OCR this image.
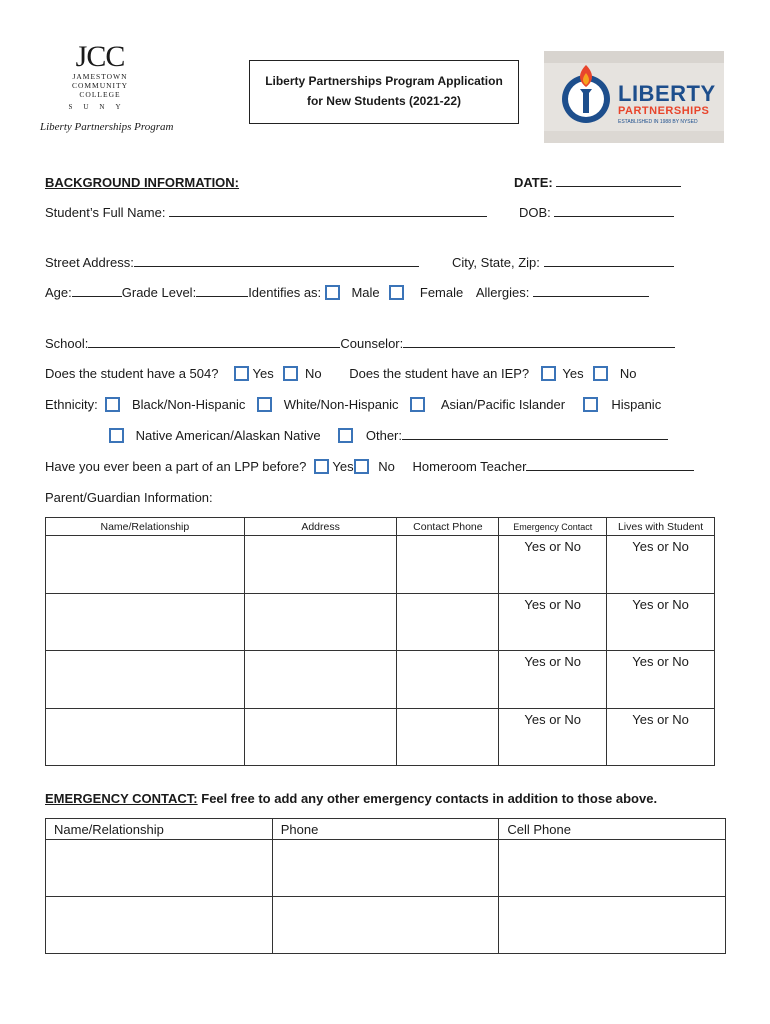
JCC
JAMESTOWN
COMMUNITY
COLLEGE
SUNY
Liberty Partnerships Program
Liberty Partnerships Program Application
for New Students (2021-22)	LIBERTY
PARTNERSHIPS
ESTABLISHED IN 1988 BY NYSED
BACKGROUND INFORMATION:	DATE:
Student’s Full Name:	DOB:
Street Address:	City, State, Zip:
Age:	Grade Level:	Identifies as: Male	Female Allergies:
School:	Counselor:
Does the student have a 504?	Yes No Does the student have an IEP?	Yes	No
Ethnicity:	Black/Non-Hispanic	White/Non-Hispanic	Asian/Pacific Islander	Hispanic
Native American/Alaskan Native	Other:
Have you ever been a part of an LPP before? Yes No Homeroom Teacher
Parent/Guardian Information:
Name/Relationship	Address	Contact Phone	Emergency Contact	Lives with Student
			Yes or No	Yes or No
			Yes or No	Yes or No
			Yes or No	Yes or No
			Yes or No	Yes or No
EMERGENCY CONTACT: Feel free to add any other emergency contacts in addition to those above.
Name/Relationship	Phone	Cell Phone
